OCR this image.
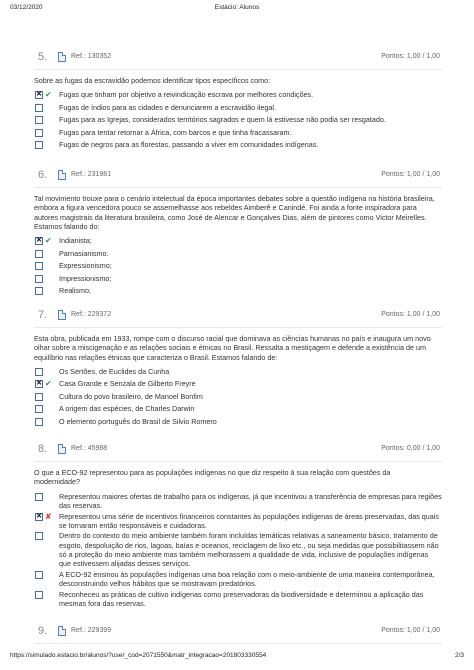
03/12/2020	Estácio: Alunos
5.	Ref.: 130352	Pontos: 1,00 / 1,00
Sobre as fugas da escravidão podemos identificar tipos específicos como:
✕
✔ Fugas que tinham por objetivo a reivindicação escrava por melhores condições.
Fugas de índios para as cidades e denunciarem a escravidão ilegal.
Fugas para as Igrejas, considerados territórios sagrados e quem lá estivesse não podia ser resgatado.
Fugas para tentar retornar a África, com barcos e que tinha fracassaram.
Fugas de negros para as florestas, passando a viver em comunidades indígenas.
6.	Ref.: 231981	Pontos: 1,00 / 1,00
Tal movimento trouxe para o cenário intelectual da época importantes debates sobre a questão indígena na história brasileira, embora a figura vencedora pouco se assemelhasse aos rebeldes Aimberê e Canindé. Foi ainda a fonte inspiradora para autores magistrais da literatura brasileira, como José de Alencar e Gonçalves Dias, além de pintores como Victor Meirelles. Estamos falando do:
✕
✔ Indianista;
Parnasianismo.
Expressionismo;
Impressionismo;
Realismo;
7.	Ref.: 229372	Pontos: 1,00 / 1,00
Esta obra, publicada em 1933, rompe com o discurso racial que dominava as ciências humanas no país e inaugura um novo olhar sobre a miscigenação e as relações sociais e étnicas no Brasil. Ressalta a mestiçagem e defende a existência de um equilíbrio nas relações étnicas que caracteriza o Brasil. Estamos falando de:
Os Sertões, de Euclides da Cunha
✕
✔ Casa Grande e Senzala de Gilberto Freyre
Cultura do povo brasileiro, de Manoel Bonfim
A origem das espécies, de Charles Darwin
O elemento português do Brasil de Silvio Romero
8.	Ref.: 45988	Pontos: 0,00 / 1,00
O que a ECO-92 representou para as populações indígenas no que diz respeito à sua relação com questões da modernidade?
Representou maiores ofertas de trabalho para os indígenas, já que incentivou a transferência de empresas para regiões das reservas.
✕
✘ Representou uma série de incentivos financeiros constantes às populações indígenas de áreas preservadas, das quais se tornaram então responsáveis e cuidadoras.
Dentro do contexto do meio ambiente também foram incluídas temáticas relativas a saneamento básico, tratamento de esgoto, despoluição de rios, lagoas, baías e oceanos, reciclagem de lixo etc., ou seja medidas que possibilitassem não só a proteção do meio ambiente mas também melhorassem a qualidade de vida, inclusive de populações indígenas que estivessem alijadas desses serviços.
A ECO-92 ensinou às populações indígenas uma boa relação com o meio-ambiente de uma maneira contemporânea, desconstruindo velhos hábitos que se mostravam predatórios.
Reconheceu as práticas de cultivo indígenas como preservadoras da biodiversidade e determinou a aplicação das mesmas fora das reservas.
9.	Ref.: 229399	Pontos: 1,00 / 1,00
https://simulado.estacio.br/alunos/?user_cod=2071550&matr_integracao=201803330554	2/3
